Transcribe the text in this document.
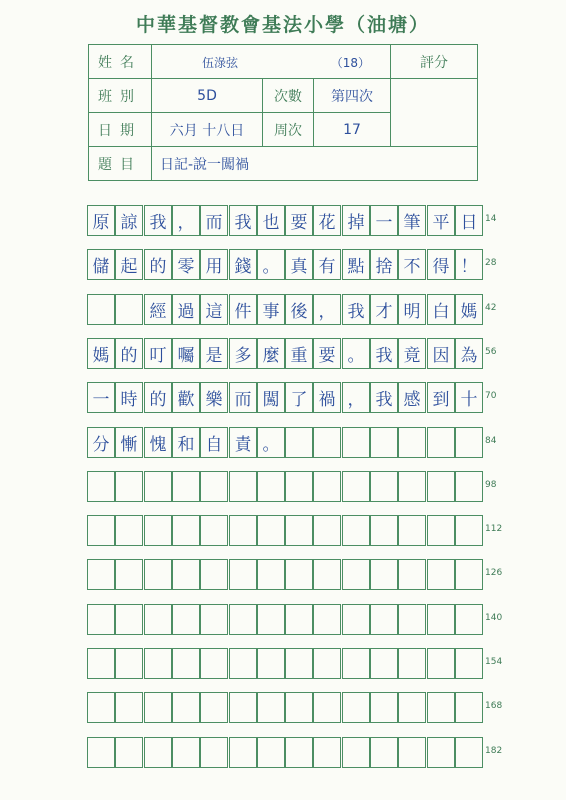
中華基督教會基法小學（油塘）
姓名	伍淥弦 （18）			評分
班別	5D	次數	第四次	
日期	六月 十八日	周次	17	
題目	日記-說一闖禍			
原 諒 我 ， 而 我 也 要 花 掉 一 筆 平 日 14
儲 起 的 零 用 錢 。 真 有 點 捨 不 得 ！ 28
經 過 這 件 事 後 ， 我 才 明 白 媽 42
媽 的 叮 囑 是 多 麼 重 要 。 我 竟 因 為 56
一 時 的 歡 樂 而 闖 了 禍 ， 我 感 到 十 70
分 慚 愧 和 自 責 。	84
98
112
126
140
154
168
182
